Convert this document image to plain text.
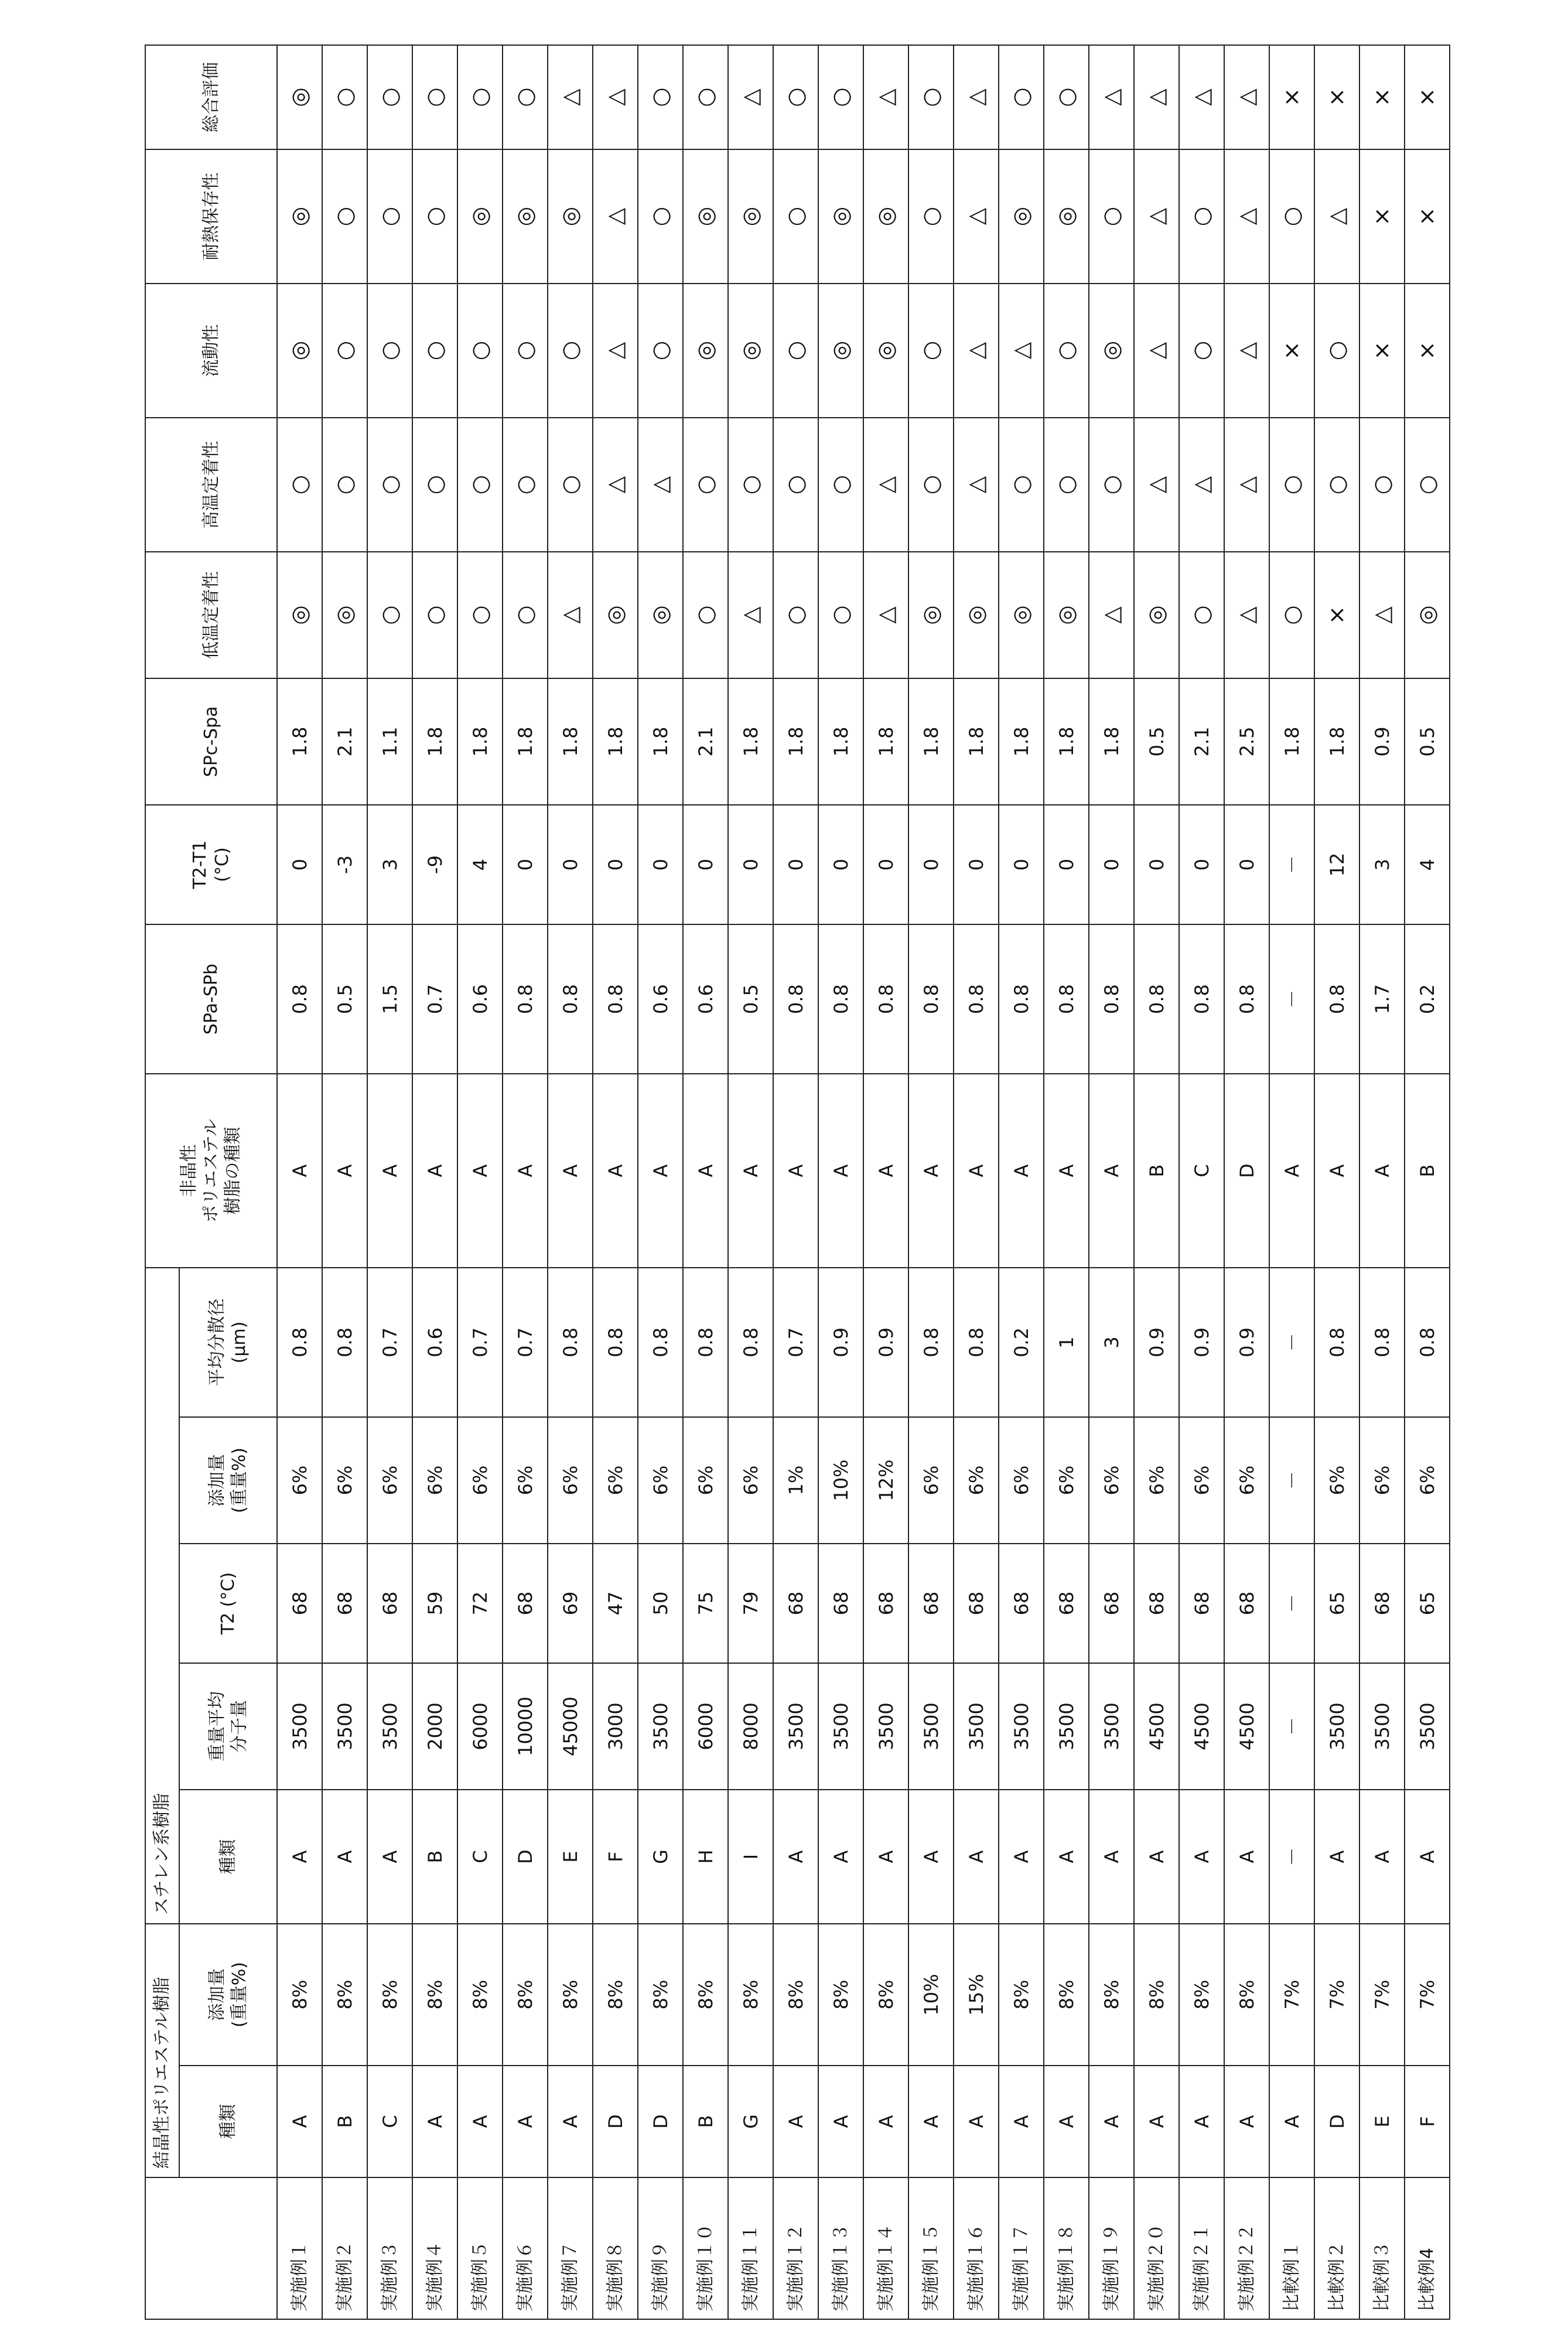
	結晶性ポリエステル樹脂	スチレン系樹脂	非晶性
ポリエステル
樹脂の種類	SPa-SPb	T2-T1
(°C)	SPc-Spa	低温定着性	高温定着性	流動性	耐熱保存性	総合評価
種類	添加量
(重量%)	種類	重量平均
分子量	T2 (°C)	添加量
(重量%)	平均分散径
(μm)
実施例１	A	8%	A	3500	68	6%	0.8	A	0.8	0	1.8	◎	○	◎	◎	◎
実施例２	B	8%	A	3500	68	6%	0.8	A	0.5	-3	2.1	◎	○	○	○	○
実施例３	C	8%	A	3500	68	6%	0.7	A	1.5	3	1.1	○	○	○	○	○
実施例４	A	8%	B	2000	59	6%	0.6	A	0.7	-9	1.8	○	○	○	○	○
実施例５	A	8%	C	6000	72	6%	0.7	A	0.6	4	1.8	○	○	○	◎	○
実施例６	A	8%	D	10000	68	6%	0.7	A	0.8	0	1.8	○	○	○	◎	○
実施例７	A	8%	E	45000	69	6%	0.8	A	0.8	0	1.8	△	○	○	◎	△
実施例８	D	8%	F	3000	47	6%	0.8	A	0.8	0	1.8	◎	△	△	△	△
実施例９	D	8%	G	3500	50	6%	0.8	A	0.6	0	1.8	◎	△	○	○	○
実施例１０	B	8%	H	6000	75	6%	0.8	A	0.6	0	2.1	○	○	◎	◎	○
実施例１１	G	8%	I	8000	79	6%	0.8	A	0.5	0	1.8	△	○	◎	◎	△
実施例１２	A	8%	A	3500	68	1%	0.7	A	0.8	0	1.8	○	○	○	○	○
実施例１３	A	8%	A	3500	68	10%	0.9	A	0.8	0	1.8	○	○	◎	◎	○
実施例１４	A	8%	A	3500	68	12%	0.9	A	0.8	0	1.8	△	△	◎	◎	△
実施例１５	A	10%	A	3500	68	6%	0.8	A	0.8	0	1.8	◎	○	○	○	○
実施例１６	A	15%	A	3500	68	6%	0.8	A	0.8	0	1.8	◎	△	△	△	△
実施例１７	A	8%	A	3500	68	6%	0.2	A	0.8	0	1.8	◎	○	△	◎	○
実施例１８	A	8%	A	3500	68	6%	1	A	0.8	0	1.8	◎	○	○	◎	○
実施例１９	A	8%	A	3500	68	6%	3	A	0.8	0	1.8	△	○	◎	○	△
実施例２０	A	8%	A	4500	68	6%	0.9	B	0.8	0	0.5	◎	△	△	△	△
実施例２１	A	8%	A	4500	68	6%	0.9	C	0.8	0	2.1	○	△	○	○	△
実施例２２	A	8%	A	4500	68	6%	0.9	D	0.8	0	2.5	△	△	△	△	△
比較例１	A	7%	－	－	－	－	－	A	－	－	1.8	○	○	×	○	×
比較例２	D	7%	A	3500	65	6%	0.8	A	0.8	12	1.8	×	○	○	△	×
比較例３	E	7%	A	3500	68	6%	0.8	A	1.7	3	0.9	△	○	×	×	×
比較例4	F	7%	A	3500	65	6%	0.8	B	0.2	4	0.5	◎	○	×	×	×
